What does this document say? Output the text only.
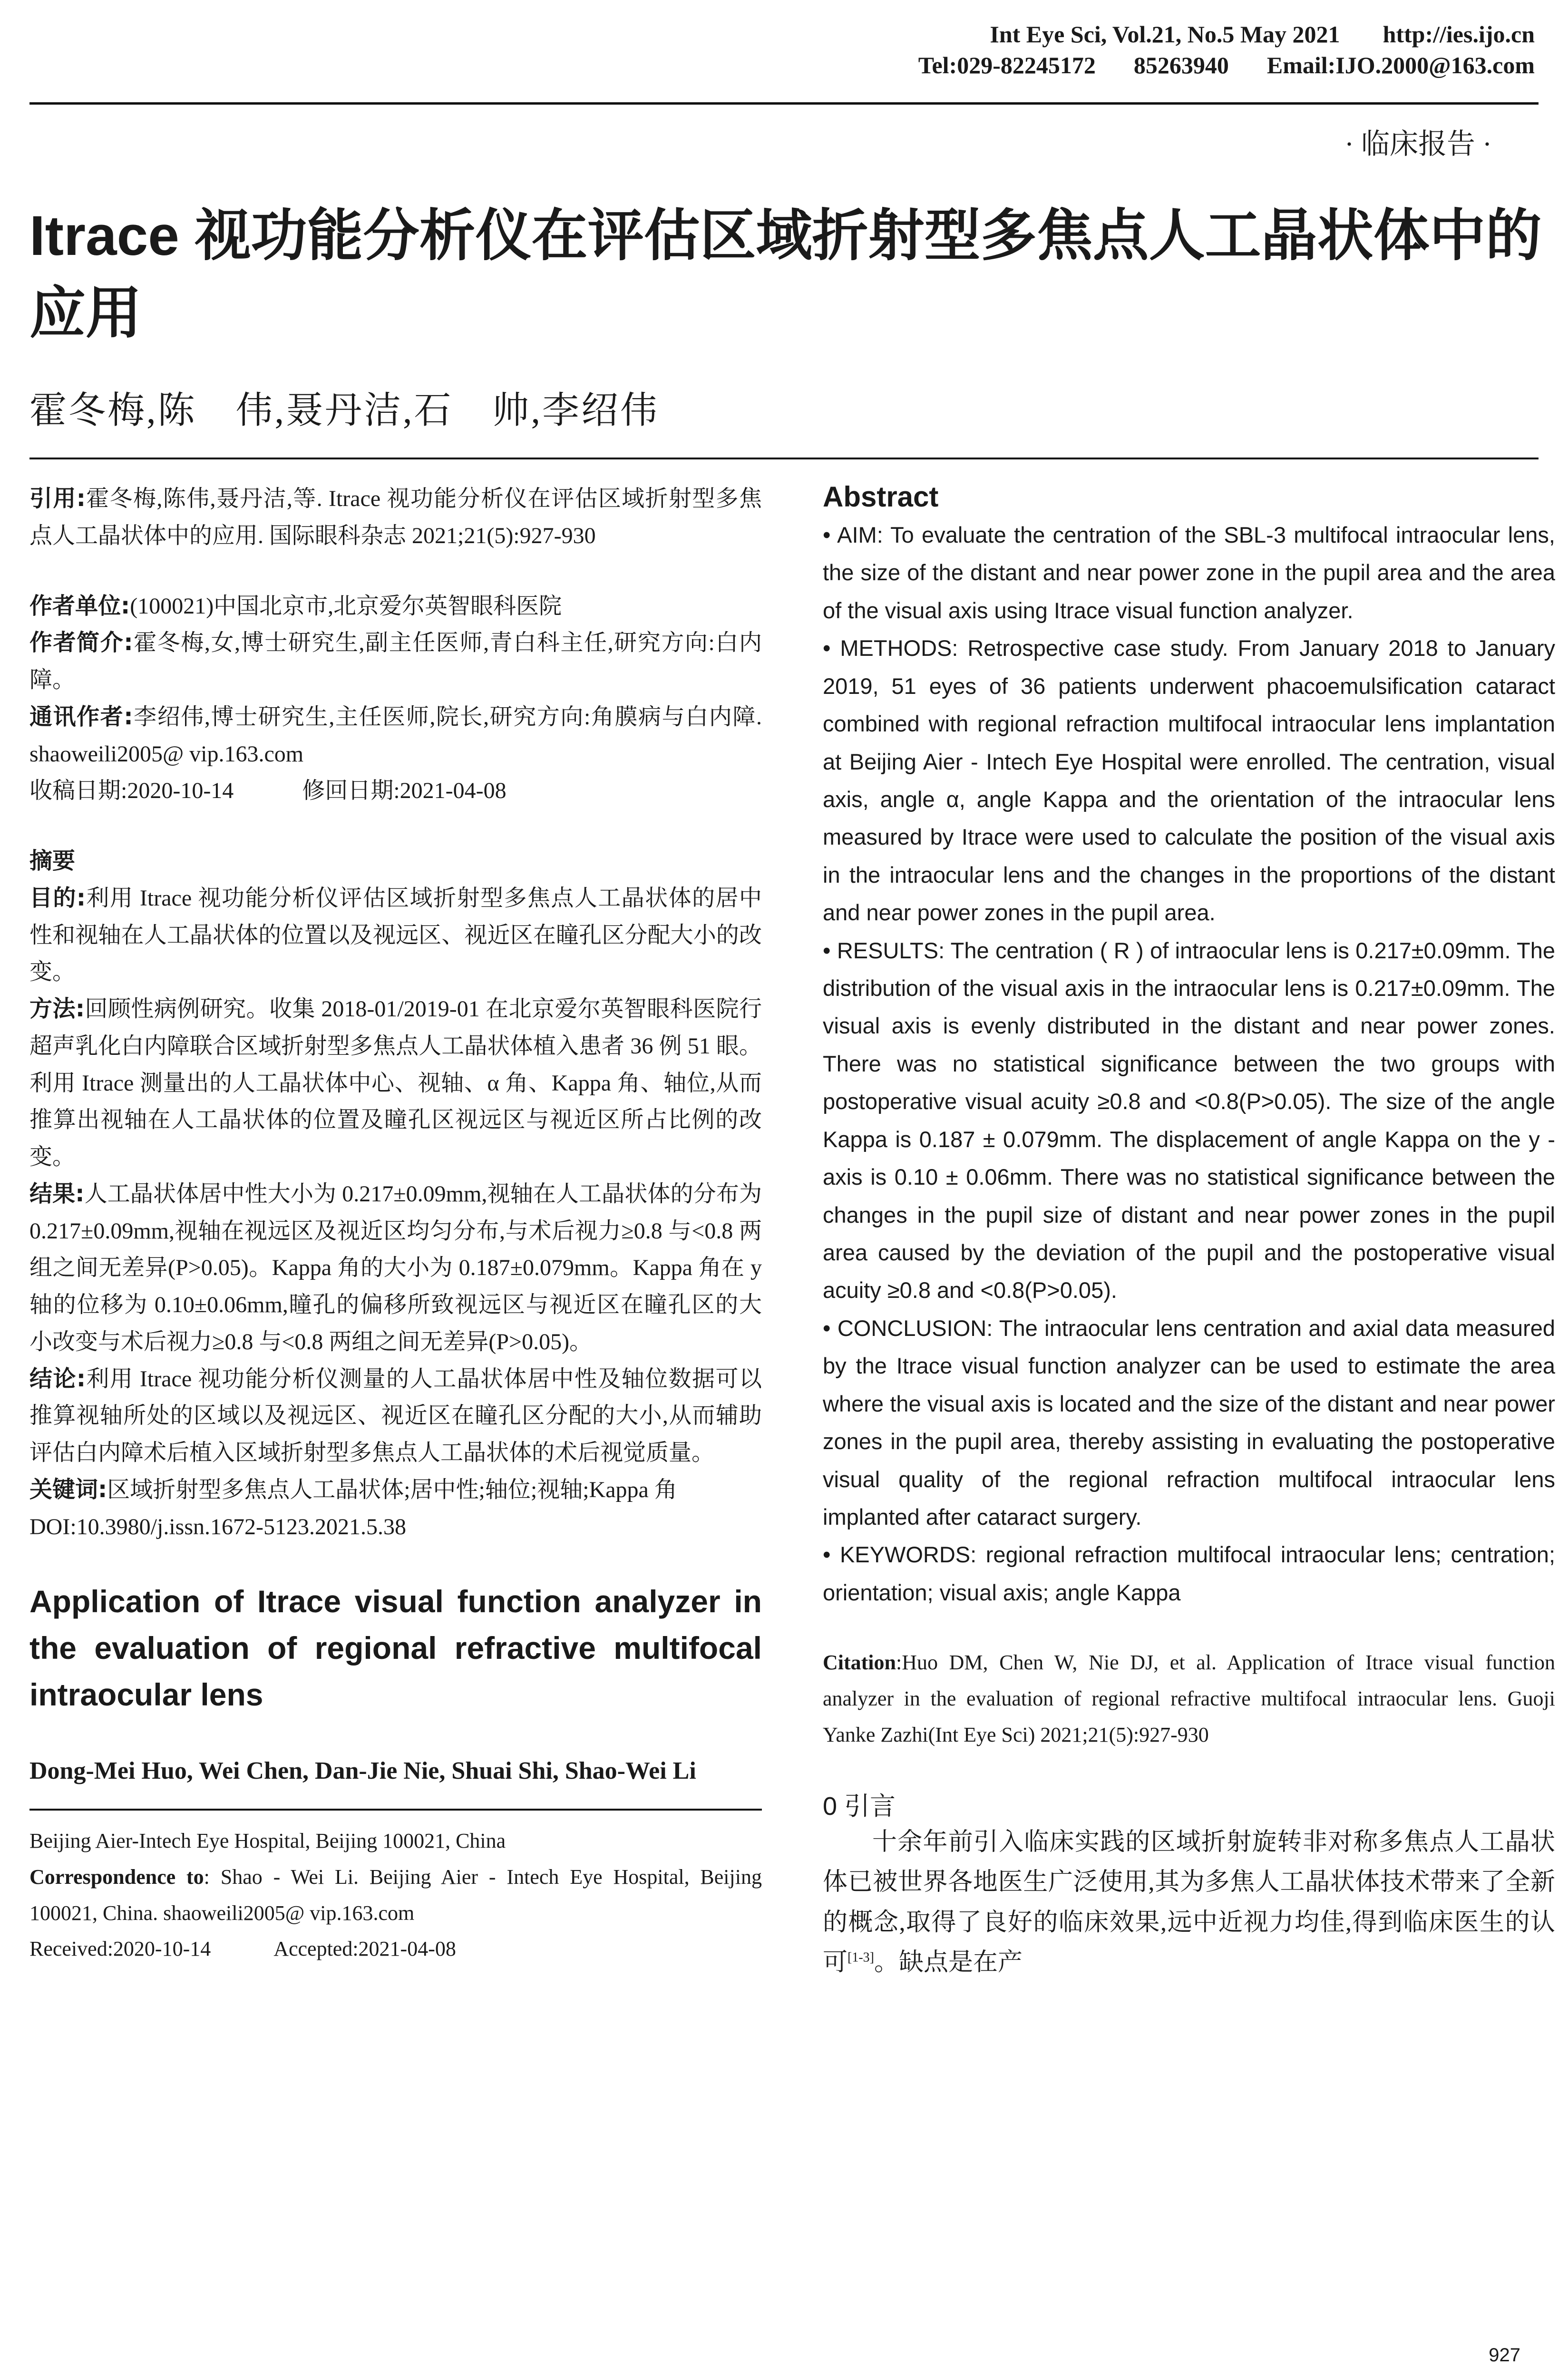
Int Eye Sci, Vol.21, No.5 May 2021 http://ies.ijo.cn
Tel:029-82245172 85263940 Email:IJO.2000@163.com
· 临床报告 ·
Itrace 视功能分析仪在评估区域折射型多焦点人工晶状体中的应用
霍冬梅,陈　伟,聂丹洁,石　帅,李绍伟

引用:霍冬梅,陈伟,聂丹洁,等. Itrace 视功能分析仪在评估区域折射型多焦点人工晶状体中的应用. 国际眼科杂志 2021;21(5):927-930

作者单位:(100021)中国北京市,北京爱尔英智眼科医院

作者简介:霍冬梅,女,博士研究生,副主任医师,青白科主任,研究方向:白内障。

通讯作者:李绍伟,博士研究生,主任医师,院长,研究方向:角膜病与白内障. shaoweili2005@ vip.163.com

收稿日期:2020-10-14　　　	修回日期:2021-04-08

摘要

目的:利用 Itrace 视功能分析仪评估区域折射型多焦点人工晶状体的居中性和视轴在人工晶状体的位置以及视远区、视近区在瞳孔区分配大小的改变。

方法:回顾性病例研究。收集 2018-01/2019-01 在北京爱尔英智眼科医院行超声乳化白内障联合区域折射型多焦点人工晶状体植入患者 36 例 51 眼。利用 Itrace 测量出的人工晶状体中心、视轴、α 角、Kappa 角、轴位,从而推算出视轴在人工晶状体的位置及瞳孔区视远区与视近区所占比例的改变。

结果:人工晶状体居中性大小为 0.217±0.09mm,视轴在人工晶状体的分布为 0.217±0.09mm,视轴在视远区及视近区均匀分布,与术后视力≥0.8 与<0.8 两组之间无差异(P>0.05)。Kappa 角的大小为 0.187±0.079mm。Kappa 角在 y 轴的位移为 0.10±0.06mm,瞳孔的偏移所致视远区与视近区在瞳孔区的大小改变与术后视力≥0.8 与<0.8 两组之间无差异(P>0.05)。

结论:利用 Itrace 视功能分析仪测量的人工晶状体居中性及轴位数据可以推算视轴所处的区域以及视远区、视近区在瞳孔区分配的大小,从而辅助评估白内障术后植入区域折射型多焦点人工晶状体的术后视觉质量。

关键词:区域折射型多焦点人工晶状体;居中性;轴位;视轴;Kappa 角

DOI:10.3980/j.issn.1672-5123.2021.5.38

Application of Itrace visual function analyzer in the evaluation of regional refractive multifocal intraocular lens

Dong-Mei Huo, Wei Chen, Dan-Jie Nie, Shuai Shi, Shao-Wei Li

Beijing Aier-Intech Eye Hospital, Beijing 100021, China

Correspondence to: Shao - Wei Li. Beijing Aier - Intech Eye Hospital, Beijing 100021, China. shaoweili2005@ vip.163.com

Received:2020-10-14　　　	Accepted:2021-04-08

Abstract

• AIM: To evaluate the centration of the SBL-3 multifocal intraocular lens, the size of the distant and near power zone in the pupil area and the area of the visual axis using Itrace visual function analyzer.

• METHODS: Retrospective case study. From January 2018 to January 2019, 51 eyes of 36 patients underwent phacoemulsification cataract combined with regional refraction multifocal intraocular lens implantation at Beijing Aier - Intech Eye Hospital were enrolled. The centration, visual axis, angle α, angle Kappa and the orientation of the intraocular lens measured by Itrace were used to calculate the position of the visual axis in the intraocular lens and the changes in the proportions of the distant and near power zones in the pupil area.

• RESULTS: The centration ( R ) of intraocular lens is 0.217±0.09mm. The distribution of the visual axis in the intraocular lens is 0.217±0.09mm. The visual axis is evenly distributed in the distant and near power zones. There was no statistical significance between the two groups with postoperative visual acuity ≥0.8 and <0.8(P>0.05). The size of the angle Kappa is 0.187 ± 0.079mm. The displacement of angle Kappa on the y - axis is 0.10 ± 0.06mm. There was no statistical significance between the changes in the pupil size of distant and near power zones in the pupil area caused by the deviation of the pupil and the postoperative visual acuity ≥0.8 and <0.8(P>0.05).

• CONCLUSION: The intraocular lens centration and axial data measured by the Itrace visual function analyzer can be used to estimate the area where the visual axis is located and the size of the distant and near power zones in the pupil area, thereby assisting in evaluating the postoperative visual quality of the regional refraction multifocal intraocular lens implanted after cataract surgery.

• KEYWORDS: regional refraction multifocal intraocular lens; centration; orientation; visual axis; angle Kappa

Citation:Huo DM, Chen W, Nie DJ, et al. Application of Itrace visual function analyzer in the evaluation of regional refractive multifocal intraocular lens. Guoji Yanke Zazhi(Int Eye Sci) 2021;21(5):927-930

0 引言

十余年前引入临床实践的区域折射旋转非对称多焦点人工晶状体已被世界各地医生广泛使用,其为多焦人工晶状体技术带来了全新的概念,取得了良好的临床效果,远中近视力均佳,得到临床医生的认可[1-3]。缺点是在产

927
